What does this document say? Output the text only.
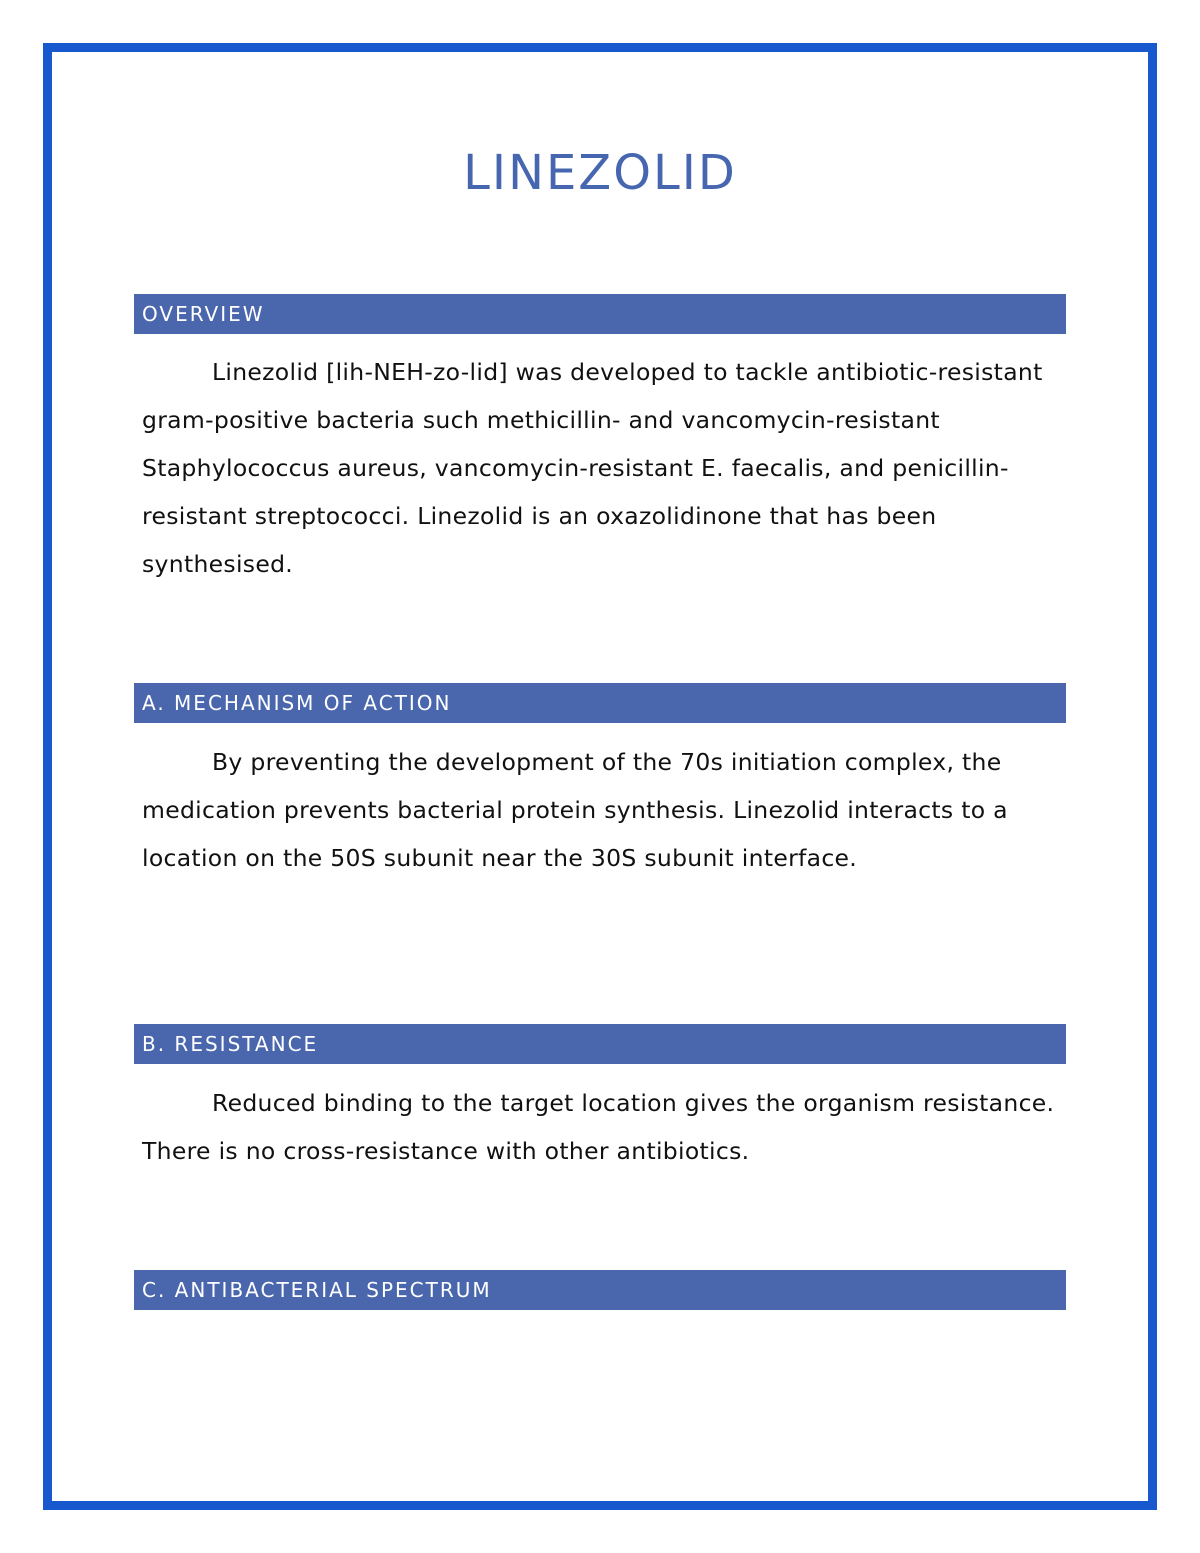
LINEZOLID
OVERVIEW

Linezolid [lih-NEH-zo-lid] was developed to tackle antibiotic-resistant gram-positive bacteria such methicillin- and vancomycin-resistant Staphylococcus aureus, vancomycin-resistant E. faecalis, and penicillin-resistant streptococci. Linezolid is an oxazolidinone that has been synthesised.

A. MECHANISM OF ACTION

By preventing the development of the 70s initiation complex, the medication prevents bacterial protein synthesis. Linezolid interacts to a location on the 50S subunit near the 30S subunit interface.

B. RESISTANCE

Reduced binding to the target location gives the organism resistance. There is no cross-resistance with other antibiotics.

C. ANTIBACTERIAL SPECTRUM
